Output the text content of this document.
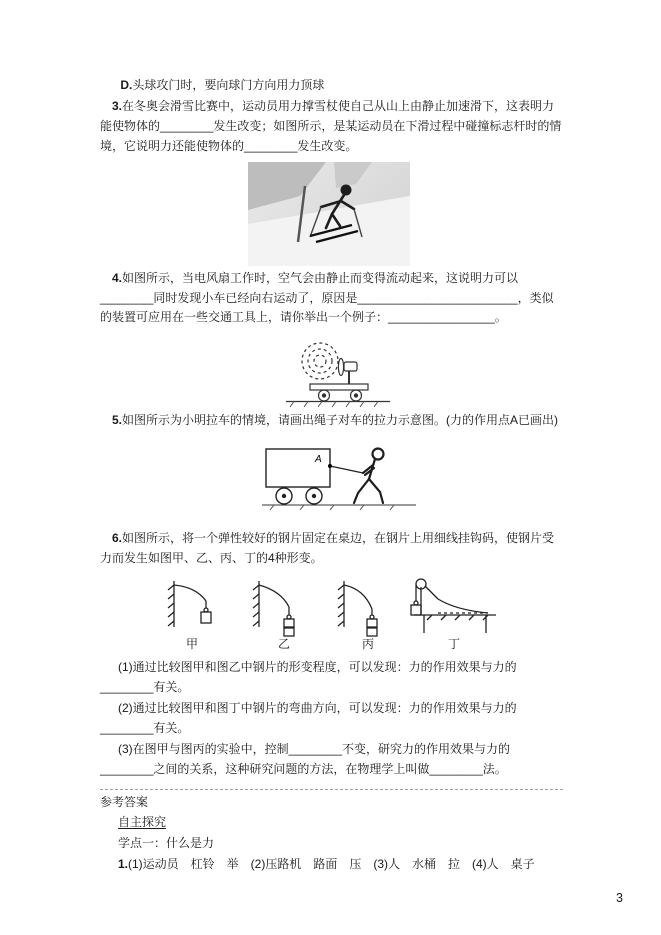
D.头球攻门时，要向球门方向用力顶球

3.在冬奥会滑雪比赛中，运动员用力撑雪杖使自己从山上由静止加速滑下，这表明力能使物体的________发生改变；如图所示，是某运动员在下滑过程中碰撞标志杆时的情境，它说明力还能使物体的________发生改变。

4.如图所示，当电风扇工作时，空气会由静止而变得流动起来，这说明力可以________同时发现小车已经向右运动了，原因是________________________，类似的装置可应用在一些交通工具上，请你举出一个例子：________________。

5.如图所示为小明拉车的情境，请画出绳子对车的拉力示意图。(力的作用点A已画出)

A

6.如图所示，将一个弹性较好的钢片固定在桌边，在钢片上用细线挂钩码，使钢片受力而发生如图甲、乙、丙、丁的4种形变。

甲	乙	丙	丁

(1)通过比较图甲和图乙中钢片的形变程度，可以发现：力的作用效果与力的________有关。

(2)通过比较图甲和图丁中钢片的弯曲方向，可以发现：力的作用效果与力的________有关。

(3)在图甲与图丙的实验中，控制________不变，研究力的作用效果与力的________之间的关系，这种研究问题的方法，在物理学上叫做________法。

参考答案

自主探究

学点一：什么是力

1.(1)运动员　杠铃　举　(2)压路机　路面　压　(3)人　水桶　拉　(4)人　桌子

3
